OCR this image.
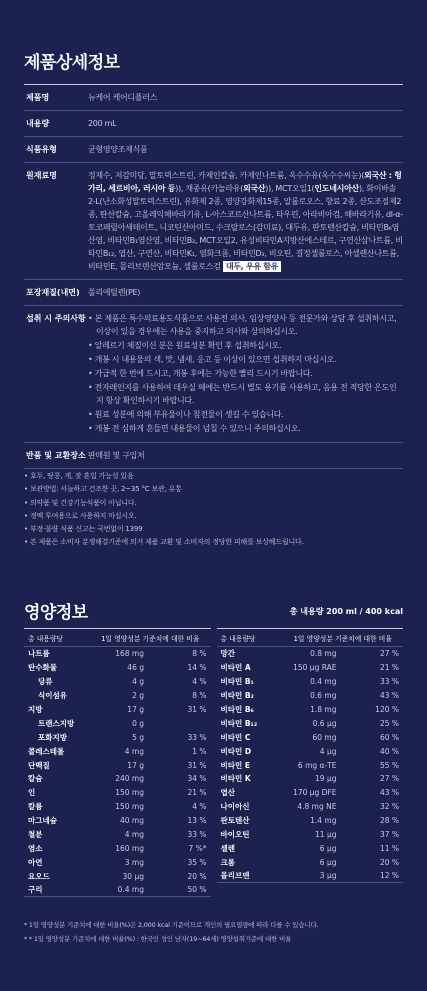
제품상세정보
제품명	뉴케어 케어디플러스
내용량	200 mL
식품유형	균형영양조제식품
원재료명	정제수, 저감미당, 말토덱스트린, 카제인칼슘, 카제인나트륨, 옥수수유(옥수수씨눈)(외국산 : 헝가리, 세르비아, 러시아 등)), 채종유(카놀라유(외국산)), MCT오일1(인도네시아산), 화이바솔2-L(난소화성말토덱스트린), 유화제 2종, 영양강화제15종, 알룰로오스, 향료 2종, 산도조절제2종, 탄산칼슘, 고올레익해바라기유, L-아스코르산나트륨, 타우린, 아라비아검, 해바라기유, dl-α-토코페릴아세테이트, 니코틴산아미드, 수크랄로스(감미료), 대두유, 판토텐산칼슘, 비타민B₆염산염, 비타민B₁염산염, 비타민B₂, MCT오일2, 유성비타민A지방산에스테르, 구연산삼나트륨, 비타민B₁₂, 엽산, 구연산, 비타민K₁, 염화크롬, 비타민D₃, 비오틴, 결정셀룰로스, 아셀렌산나트륨, 비타민E, 몰리브덴산암모늄, 셀룰로스검 대두, 우유 함유
포장재질(내면)	폴리에틸렌(PE)
섭취 시 주의사항 • 본 제품은 특수의료용도식품으로 사용전 의사, 임상영양사 등 전문가와 상담 후 섭취하시고, 이상이 있을 경우에는 사용을 중지하고 의사와 상의하십시오.
• 알레르기 체질이신 분은 원료성분 확인 후 섭취하십시오.
• 개봉 시 내용물의 색, 맛, 냄새, 응고 등 이상이 있으면 섭취하지 마십시오.
• 가급적 한 번에 드시고, 개봉 후에는 가능한 빨리 드시기 바랍니다.
• 전자레인지를 사용하여 데우실 때에는 반드시 별도 용기를 사용하고, 음용 전 적당한 온도인지 항상 확인하시기 바랍니다.
• 원료 성분에 의해 부유물이나 침전물이 생길 수 있습니다.
• 개봉 전 심하게 흔들면 내용물이 넘칠 수 있으니 주의하십시오.
반품 및 교환장소 판매원 및 구입처
• 호두, 땅콩, 게, 잣 혼입 가능성 있음
• 보관방법: 서늘하고 건조한 곳, 2~35 °C 보관, 유통
• 의약품 및 건강기능식품이 아닙니다.
• 정맥 투여용으로 사용하지 마십시오.
• 부정·불량 식품 신고는 국번없이 1399
• 본 제품은 소비자 분쟁해결기준에 의거 제품 교환 및 소비자의 정당한 피해를 보상해드립니다.
영양정보	총 내용량 200 ml / 400 kcal
총 내용량당	1일 영양성분 기준치에 대한 비율
나트륨	168 mg	8 %
탄수화물	46 g	14 %
당류	4 g	4 %
식이섬유	2 g	8 %
지방	17 g	31 %
트랜스지방	0 g
포화지방	5 g	33 %
콜레스테롤	4 mg	1 %
단백질	17 g	31 %
칼슘	240 mg	34 %
인	150 mg	21 %
칼륨	150 mg	4 %
마그네슘	40 mg	13 %
철분	4 mg	33 %
염소	160 mg	7 %*
아연	3 mg	35 %
요오드	30 µg	20 %
구리	0.4 mg	50 %
총 내용량당	1일 영양성분 기준치에 대한 비율
망간	0.8 mg	27 %
비타민 A	150 µg RAE	21 %
비타민 B₁	0.4 mg	33 %
비타민 B₂	0.6 mg	43 %
비타민 B₆	1.8 mg	120 %
비타민 B₁₂	0.6 µg	25 %
비타민 C	60 mg	60 %
비타민 D	4 µg	40 %
비타민 E	6 mg α-TE	55 %
비타민 K	19 µg	27 %
엽산	170 µg DFE	43 %
나이아신	4.8 mg NE	32 %
판토텐산	1.4 mg	28 %
바이오틴	11 µg	37 %
셀렌	6 µg	11 %
크롬	6 µg	20 %
몰리브덴	3 µg	12 %
* 1일 영양성분 기준치에 대한 비율(%)은 2,000 kcal 기준이므로 개인의 필요열량에 따라 다를 수 있습니다.
* * 1일 영양성분 기준치에 대한 비율(%) : 한국인 성인 남자(19~64세) 영양섭취기준에 대한 비율
